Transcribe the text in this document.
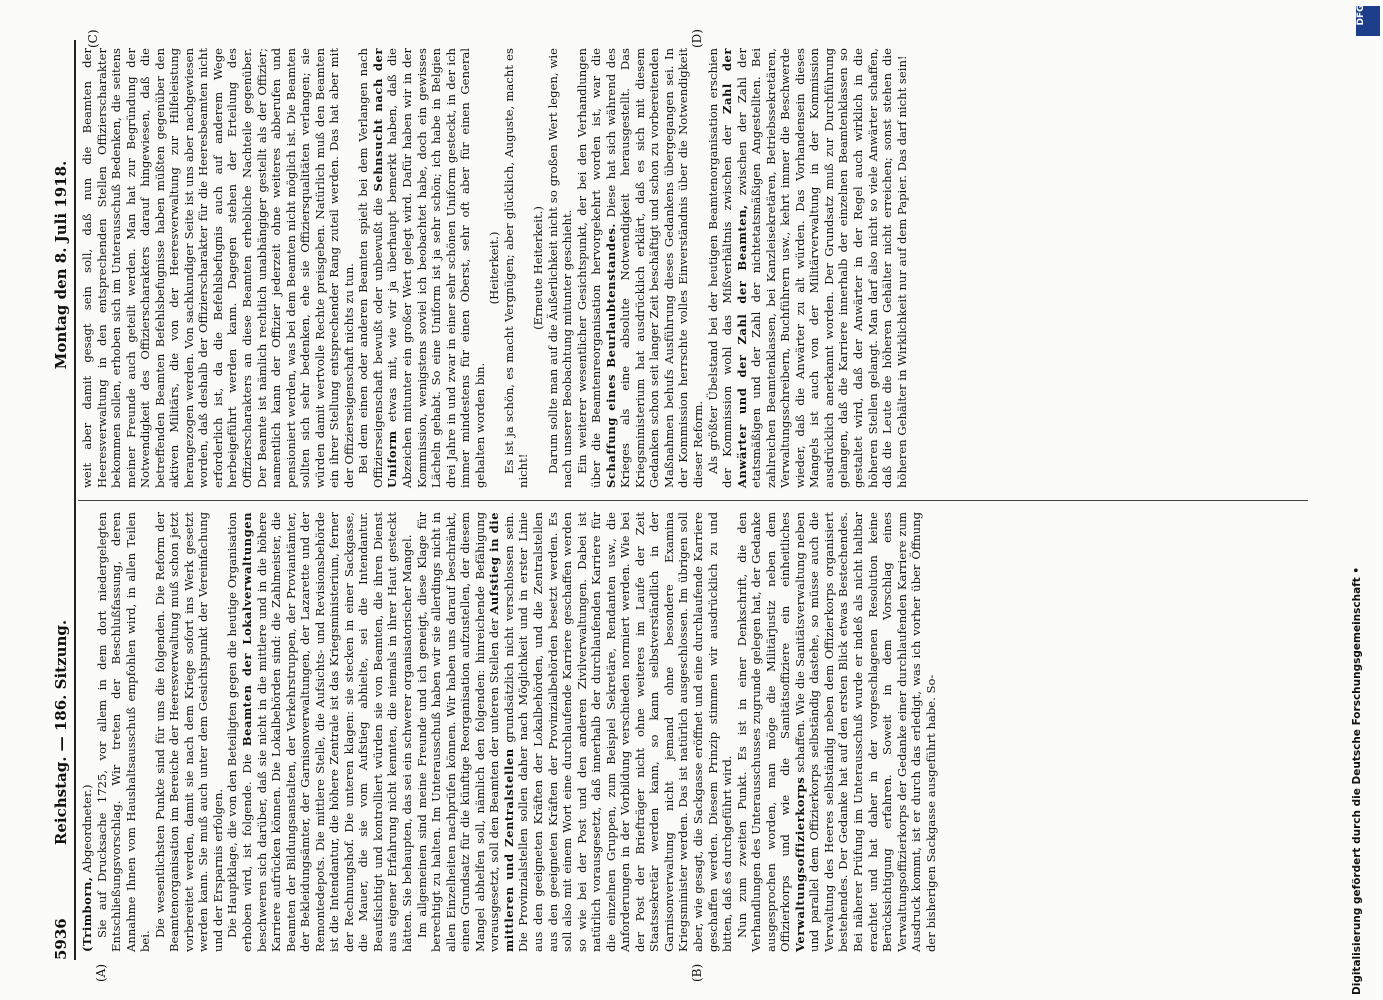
5936
Reichstag. — 186. Sitzung.
Montag den 8. Juli 1918.
(A)	(B)
(C)	(D)

(Trimborn, Abgeordneter.) Sie auf Drucksache 1725, vor allem in dem dort niedergelegten Entschließungsvorschlag. Wir treten der Beschlußfassung, deren Annahme Ihnen vom Haushaltsausschuß empfohlen wird, in allen Teilen bei.

Die wesentlichsten Punkte sind für uns die folgenden. Die Reform der Beamtenorganisation im Bereiche der Heeresverwaltung muß schon jetzt vorbereitet werden, damit sie nach dem Kriege sofort ins Werk gesetzt werden kann. Sie muß auch unter dem Gesichtspunkt der Vereinfachung und der Ersparnis erfolgen. Die Hauptklage, die von den Beteiligten gegen die heutige Organisation erhoben wird, ist folgende. Die Beamten der Lokalverwaltungen beschweren sich darüber, daß sie nicht in die mittlere und in die höhere Karriere aufrücken können. Die Lokalbehörden sind: die Zahlmeister, die Beamten der Bildungsanstalten, der Verkehrstruppen, der Proviantämter, der Bekleidungsämter, der Garnisonverwaltungen, der Lazarette und der Remontedepots. Die mittlere Stelle, die Aufsichts- und Revisionsbehörde ist die Intendantur, die höhere Zentrale ist das Kriegsministerium, ferner der Rechnungshof. Die unteren klagen: sie stecken in einer Sackgasse, die Mauer, die sie vom Aufstieg abhielte, sei die Intendantur. Beaufsichtigt und kontrolliert würden sie von Beamten, die ihren Dienst aus eigener Erfahrung nicht kennten, die niemals in ihrer Haut gesteckt hätten. Sie behaupten, das sei ein schwerer organisatorischer Mangel. Im allgemeinen sind meine Freunde und ich geneigt, diese Klage für berechtigt zu halten. Im Unterausschuß haben wir sie allerdings nicht in allen Einzelheiten nachprüfen können. Wir haben uns darauf beschränkt, einen Grundsatz für die künftige Reorganisation aufzustellen, der diesem Mangel abhelfen soll, nämlich den folgenden: hinreichende Befähigung vorausgesetzt, soll den Beamten der unteren Stellen der Aufstieg in die mittleren und Zentralstellen grundsätzlich nicht verschlossen sein. Die Provinzialstellen sollen daher nach Möglichkeit und in erster Linie aus den geeigneten Kräften der Lokalbehörden, und die Zentralstellen aus den geeigneten Kräften der Provinzialbehörden besetzt werden. Es soll also mit einem Wort eine durchlaufende Karriere geschaffen werden so wie bei der Post und den anderen Zivilverwaltungen. Dabei ist natürlich vorausgesetzt, daß innerhalb der durchlaufenden Karriere für die einzelnen Gruppen, zum Beispiel Sekretäre, Rendanten usw., die Anforderungen in der Vorbildung verschieden normiert werden. Wie bei der Post der Briefträger nicht ohne weiteres im Laufe der Zeit Staatssekretär werden kann, so kann selbstverständlich in der Garnisonverwaltung nicht jemand ohne besondere Examina Kriegsminister werden. Das ist natürlich ausgeschlossen. Im übrigen soll aber, wie gesagt, die Sackgasse eröffnet und eine durchlaufende Karriere geschaffen werden. Diesem Prinzip stimmen wir ausdrücklich zu und bitten, daß es durchgeführt wird. Nun zum zweiten Punkt. Es ist in einer Denkschrift, die den Verhandlungen des Unterausschusses zugrunde gelegen hat, der Gedanke ausgesprochen worden, man möge die Militärjustiz neben dem Offizierkorps und wie die Sanitätsoffiziere ein einheitliches Verwaltungsoffizierkorps schaffen. Wie die Sanitätsverwaltung neben und parallel dem Offizierkorps selbständig dastehe, so müsse auch die Verwaltung des Heeres selbständig neben dem Offizierkorps organisiert bestehendes. Der Gedanke hat auf den ersten Blick etwas Bestechendes. Bei näherer Prüfung im Unterausschuß wurde er indeß als nicht haltbar erachtet und hat daher in der vorgeschlagenen Resolution keine Berücksichtigung erfahren. Soweit in dem Vorschlag eines Verwaltungsoffizierkorps der Gedanke einer durchlaufenden Karriere zum Ausdruck kommt, ist er durch das erledigt, was ich vorher über Öffnung der bisherigen Sackgasse ausgeführt habe. So-

weit aber damit gesagt sein soll, daß nun die Beamten der Heeresverwaltung in den entsprechenden Stellen Offizierscharakter bekommen sollen, erhoben sich im Unterausschuß Bedenken, die seitens meiner Freunde auch geteilt werden. Man hat zur Begründung der Notwendigkeit des Offizierscharakters darauf hingewiesen, daß die betreffenden Beamten Befehlsbefugnisse haben müßten gegenüber den aktiven Militärs, die von der Heeresverwaltung zur Hilfeleistung herangezogen werden. Von sachkundiger Seite ist uns aber nachgewiesen worden, daß deshalb der Offizierscharakter für die Heeresbeamten nicht erforderlich ist, da die Befehlsbefugnis auch auf anderem Wege herbeigeführt werden kann. Dagegen stehen der Erteilung des Offizierscharakters an diese Beamten erhebliche Nachteile gegenüber. Der Beamte ist nämlich rechtlich unabhängiger gestellt als der Offizier; namentlich kann der Offizier jederzeit ohne weiteres abberufen und pensioniert werden, was bei dem Beamten nicht möglich ist. Die Beamten sollten sich sehr bedenken, ehe sie Offiziersqualitäten verlangen; sie würden damit wertvolle Rechte preisgeben. Natürlich muß den Beamten ein ihrer Stellung entsprechender Rang zuteil werden. Das hat aber mit der Offizierseigenschaft nichts zu tun. Bei dem einen oder anderen Beamten spielt bei dem Verlangen nach Offizierseigenschaft bewußt oder unbewußt die Sehnsucht nach der Uniform etwas mit, wie wir ja überhaupt bemerkt haben, daß die Abzeichen mitunter ein großer Wert gelegt wird. Dafür haben wir in der Kommission, wenigstens soviel ich beobachtet habe, doch ein gewisses Lächeln gehabt. So eine Uniform ist ja sehr schön; ich habe in Belgien drei Jahre in und zwar in einer sehr schönen Uniform gesteckt, in der ich immer mindestens für einen Oberst, sehr oft aber für einen General gehalten worden bin.

(Heiterkeit.) Es ist ja schön, es macht Vergnügen; aber glücklich, Auguste, macht es nicht!

(Erneute Heiterkeit.) Darum sollte man auf die Äußerlichkeit nicht so großen Wert legen, wie nach unserer Beobachtung mitunter geschieht. Ein weiterer wesentlicher Gesichtspunkt, der bei den Verhandlungen über die Beamtenreorganisation hervorgekehrt worden ist, war die Schaffung eines Beurlaubtenstandes. Diese hat sich während des Krieges als eine absolute Notwendigkeit herausgestellt. Das Kriegsministerium hat ausdrücklich erklärt, daß es sich mit diesem Gedanken schon seit langer Zeit beschäftigt und schon zu vorbereitenden Maßnahmen behufs Ausführung dieses Gedankens übergegangen sei. In der Kommission herrschte volles Einverständnis über die Notwendigkeit dieser Reform. Als größter Übelstand bei der heutigen Beamtenorganisation erschien der Kommission wohl das Mißverhältnis zwischen der Zahl der Anwärter und der Zahl der Beamten, zwischen der Zahl der etatsmäßigen und der Zahl der nichtetatsmäßigen Angestellten. Bei zahlreichen Beamtenklassen, bei Kanzleisekretären, Betriebssekretären, Verwaltungsschreibern, Buchführern usw., kehrt immer die Beschwerde wieder, daß die Anwärter zu alt würden. Das Vorhandensein dieses Mangels ist auch von der Militärverwaltung in der Kommission ausdrücklich anerkannt worden. Der Grundsatz muß zur Durchführung gelangen, daß die Karriere innerhalb der einzelnen Beamtenklassen so gestaltet wird, daß der Anwärter in der Regel auch wirklich in die höheren Stellen gelangt. Man darf also nicht so viele Anwärter schaffen, daß die Leute die höheren Gehälter nicht erreichen; sonst stehen die höheren Gehälter in Wirklichkeit nur auf dem Papier. Das darf nicht sein!

DFG
Digitalisierung gefördert durch die Deutsche Forschungsgemeinschaft •
